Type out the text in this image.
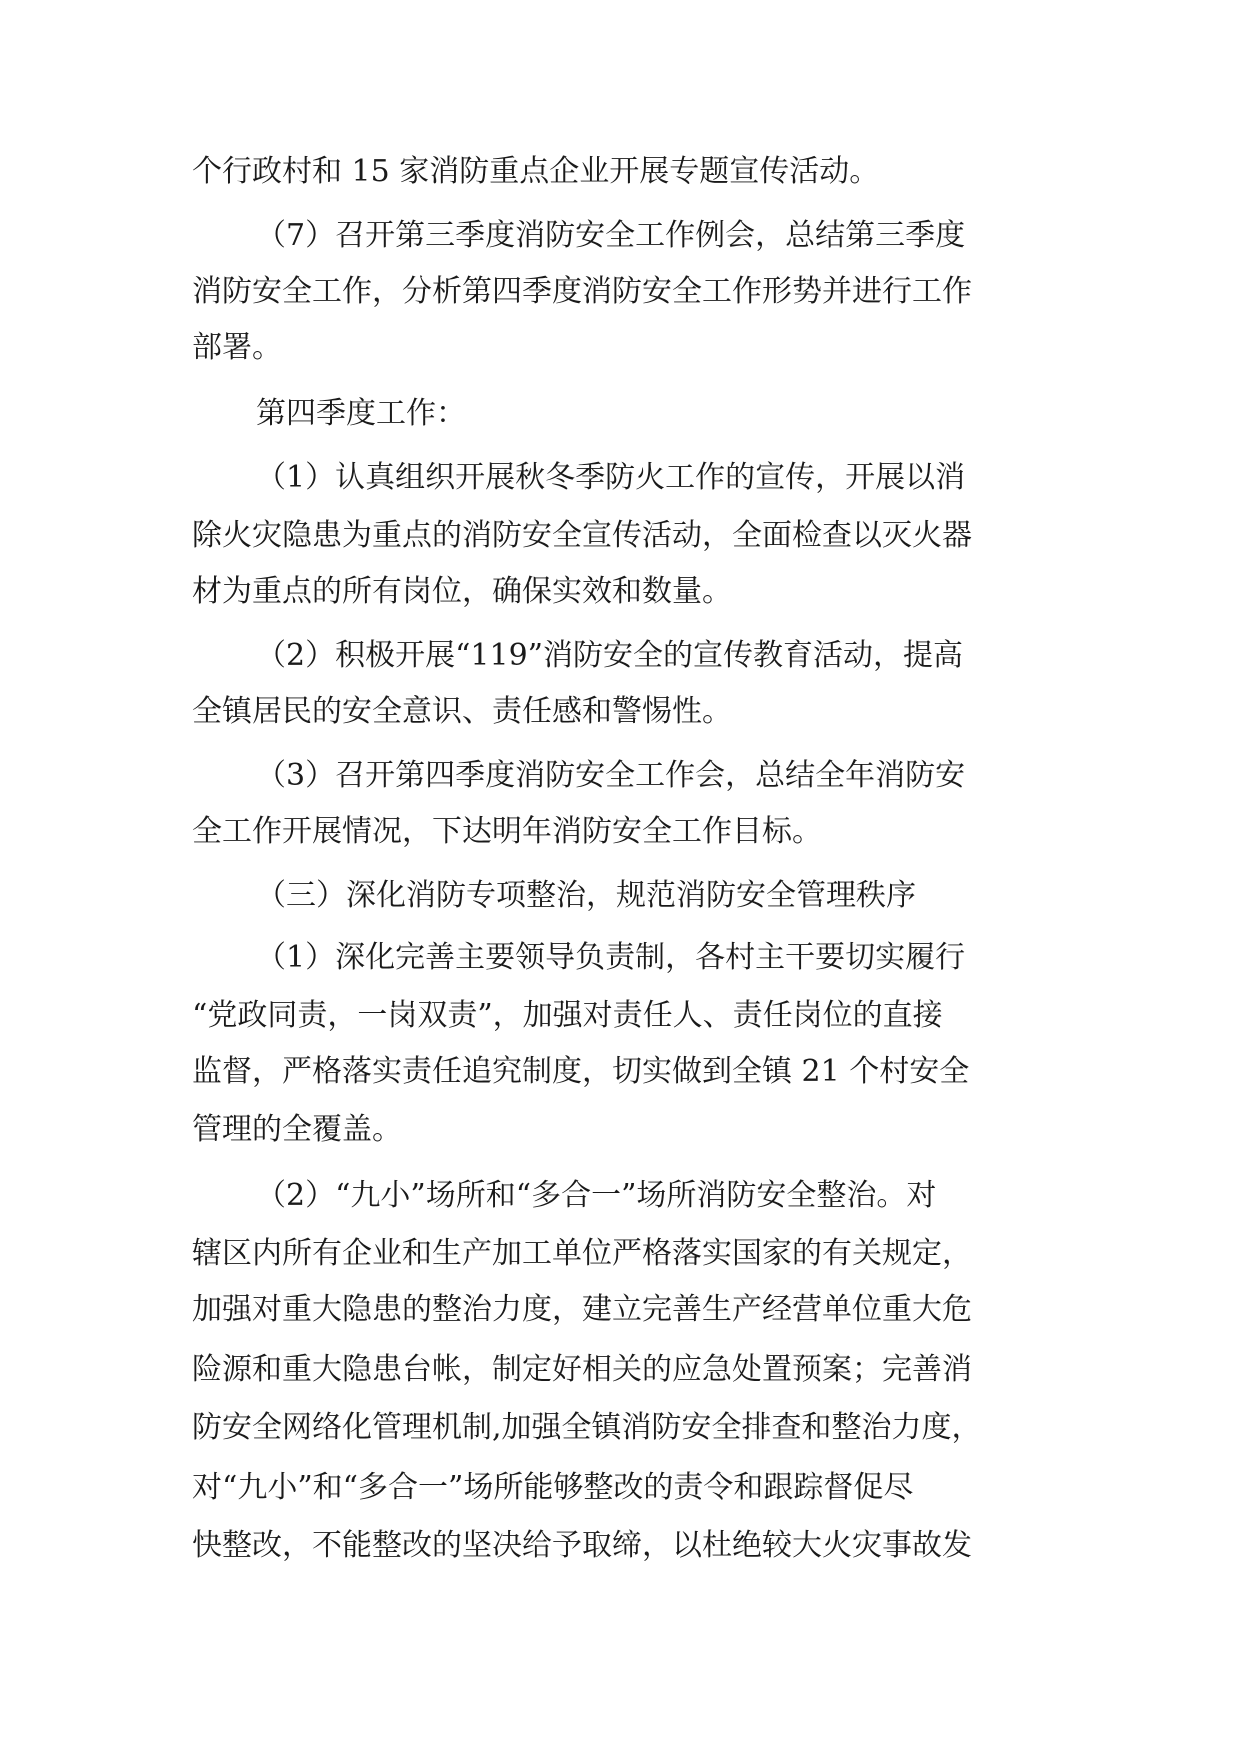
个行政村和 15 家消防重点企业开展专题宣传活动。
（7）召开第三季度消防安全工作例会，总结第三季度
消防安全工作，分析第四季度消防安全工作形势并进行工作
部署。
第四季度工作：
（1）认真组织开展秋冬季防火工作的宣传，开展以消
除火灾隐患为重点的消防安全宣传活动，全面检查以灭火器
材为重点的所有岗位，确保实效和数量。
（2）积极开展“119”消防安全的宣传教育活动，提高
全镇居民的安全意识、责任感和警惕性。
（3）召开第四季度消防安全工作会，总结全年消防安
全工作开展情况，下达明年消防安全工作目标。
（三）深化消防专项整治，规范消防安全管理秩序
（1）深化完善主要领导负责制，各村主干要切实履行
“党政同责，一岗双责”，加强对责任人、责任岗位的直接
监督，严格落实责任追究制度，切实做到全镇 21 个村安全
管理的全覆盖。
（2）“九小”场所和“多合一”场所消防安全整治。对
辖区内所有企业和生产加工单位严格落实国家的有关规定，
加强对重大隐患的整治力度，建立完善生产经营单位重大危
险源和重大隐患台帐，制定好相关的应急处置预案；完善消
防安全网络化管理机制,加强全镇消防安全排查和整治力度，
对“九小”和“多合一”场所能够整改的责令和跟踪督促尽
快整改，不能整改的坚决给予取缔，以杜绝较大火灾事故发
